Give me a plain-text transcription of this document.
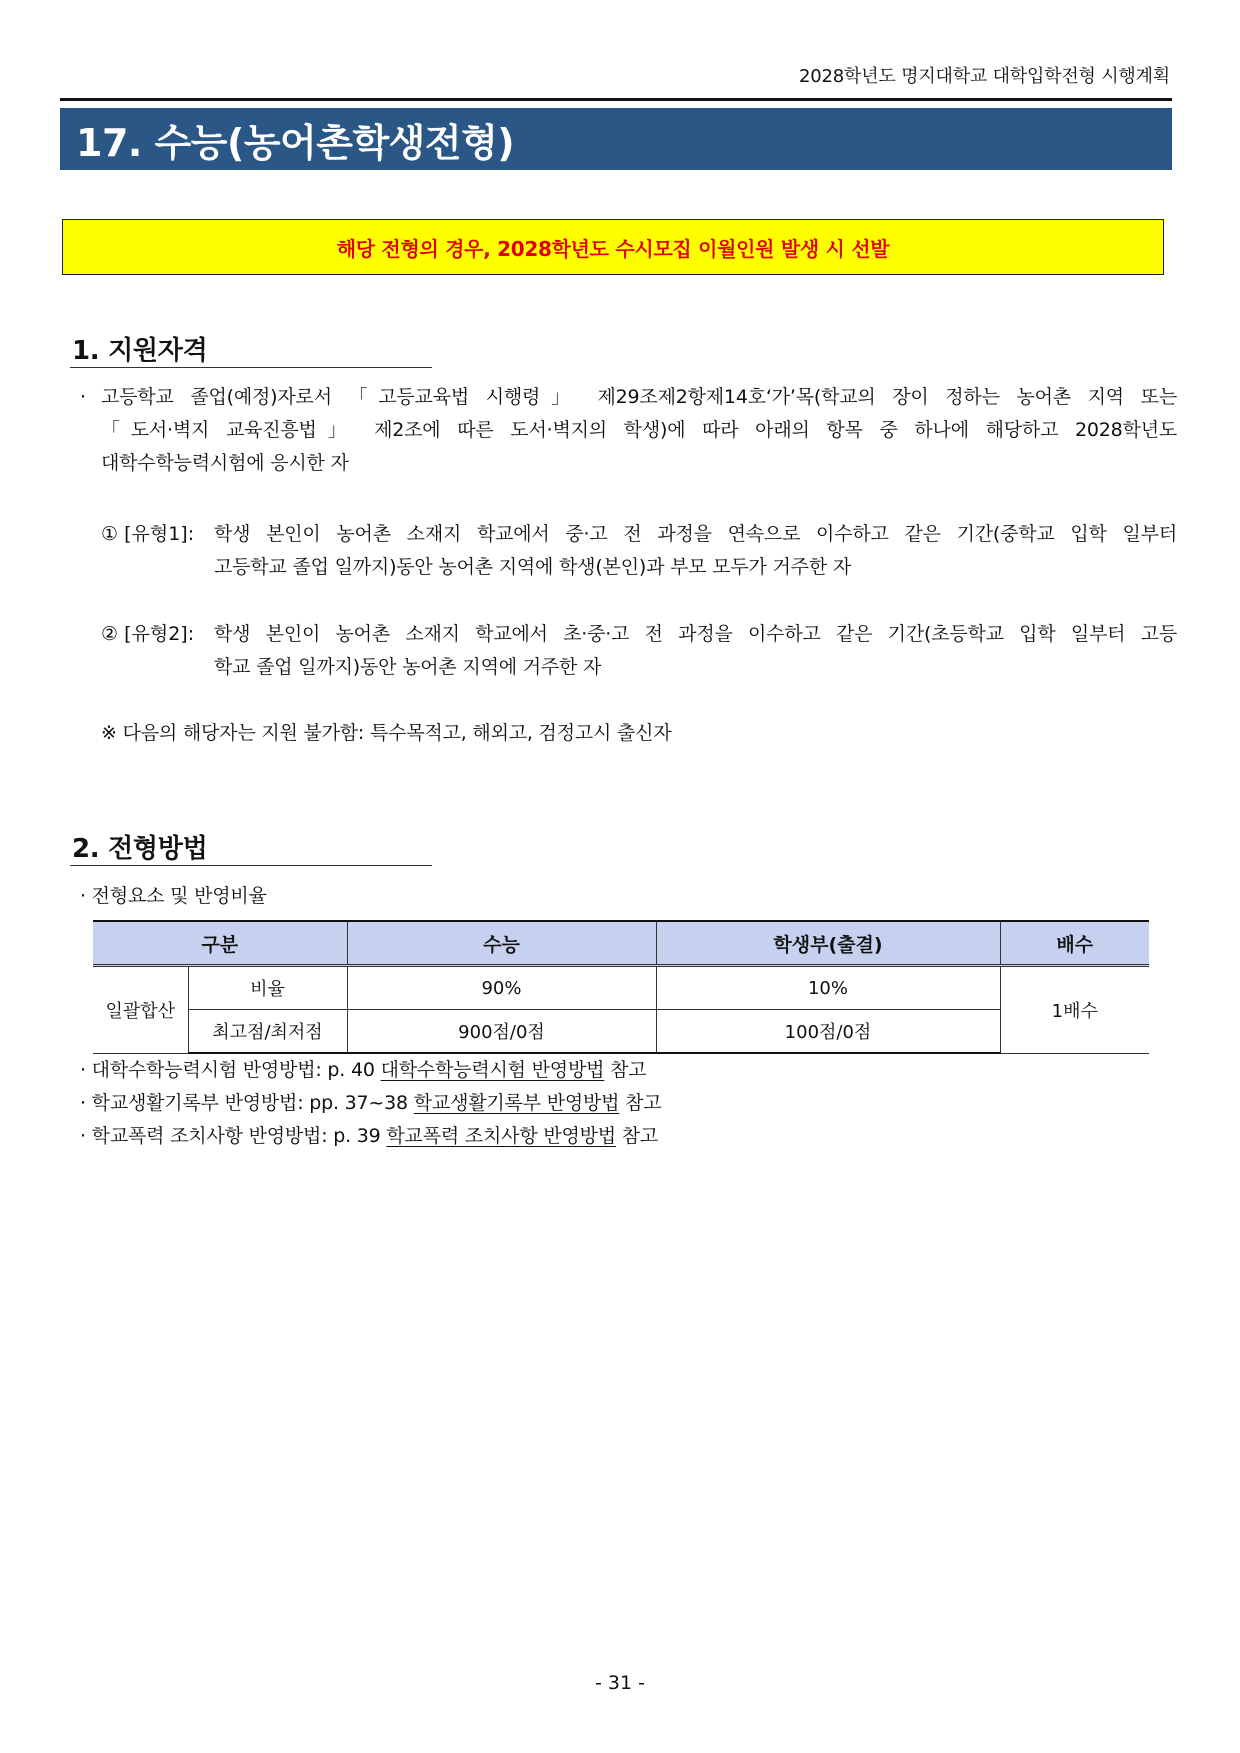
2028학년도 명지대학교 대학입학전형 시행계획
17. 수능(농어촌학생전형)
해당 전형의 경우, 2028학년도 수시모집 이월인원 발생 시 선발
1. 지원자격
· 고등학교 졸업(예정)자로서 「고등교육법 시행령」 제29조제2항제14호‘가’목(학교의 장이 정하는 농어촌 지역 또는
「도서·벽지 교육진흥법」 제2조에 따른 도서·벽지의 학생)에 따라 아래의 항목 중 하나에 해당하고 2028학년도
대학수학능력시험에 응시한 자
① [유형1]: 학생 본인이 농어촌 소재지 학교에서 중·고 전 과정을 연속으로 이수하고 같은 기간(중학교 입학 일부터
고등학교 졸업 일까지)동안 농어촌 지역에 학생(본인)과 부모 모두가 거주한 자
② [유형2]: 학생 본인이 농어촌 소재지 학교에서 초·중·고 전 과정을 이수하고 같은 기간(초등학교 입학 일부터 고등
학교 졸업 일까지)동안 농어촌 지역에 거주한 자
※ 다음의 해당자는 지원 불가함: 특수목적고, 해외고, 검정고시 출신자
2. 전형방법
· 전형요소 및 반영비율
구분		수능	학생부(출결)	배수
일괄합산	비율	90%	10%	1배수
	최고점/최저점	900점/0점	100점/0점	
· 대학수학능력시험 반영방법: p. 40 대학수학능력시험 반영방법 참고
· 학교생활기록부 반영방법: pp. 37~38 학교생활기록부 반영방법 참고
· 학교폭력 조치사항 반영방법: p. 39 학교폭력 조치사항 반영방법 참고
- 31 -
